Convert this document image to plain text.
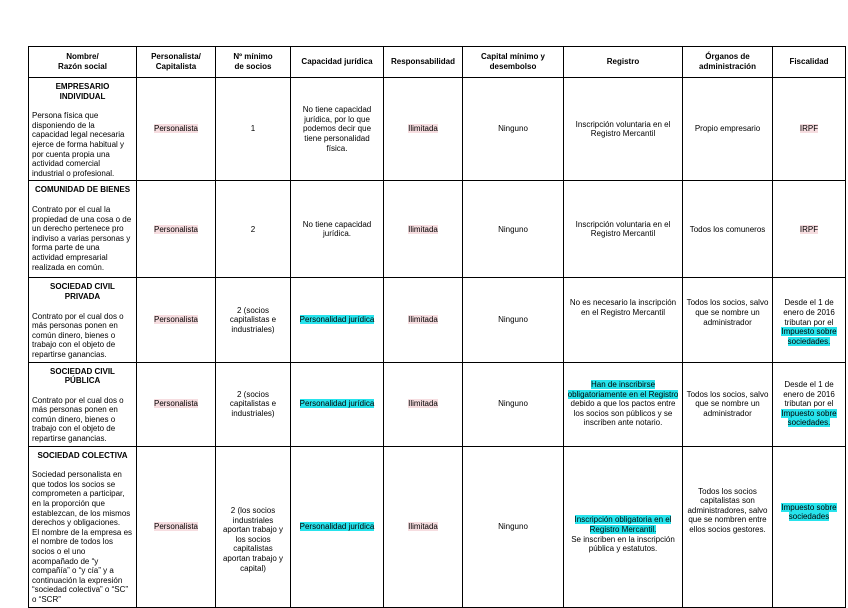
Nombre/
Razón social	Personalista/
Capitalista	Nº mínimo
de socios	Capacidad jurídica	Responsabilidad	Capital mínimo y
desembolso	Registro	Órganos de
administración	Fiscalidad

EMPRESARIO INDIVIDUAL
Persona física que disponiendo de la capacidad legal necesaria ejerce de forma habitual y por cuenta propia una actividad comercial industrial o profesional.	Personalista	1	No tiene capacidad jurídica, por lo que podemos decir que tiene personalidad física.	Ilimitada	Ninguno	Inscripción voluntaria en el Registro Mercantil	Propio empresario	IRPF

COMUNIDAD DE BIENES
Contrato por el cual la propiedad de una cosa o de un derecho pertenece pro indiviso a varias personas y forma parte de una actividad empresarial realizada en común.	Personalista	2	No tiene capacidad jurídica.	Ilimitada	Ninguno	Inscripción voluntaria en el Registro Mercantil	Todos los comuneros	IRPF

SOCIEDAD CIVIL PRIVADA
Contrato por el cual dos o más personas ponen en común dinero, bienes o trabajo con el objeto de repartirse ganancias.	Personalista	2 (socios capitalistas e industriales)	Personalidad jurídica	Ilimitada	Ninguno	No es necesario la inscripción en el Registro Mercantil	Todos los socios, salvo que se nombre un administrador	Desde el 1 de enero de 2016 tributan por el Impuesto sobre sociedades.

SOCIEDAD CIVIL PÚBLICA
Contrato por el cual dos o más personas ponen en común dinero, bienes o trabajo con el objeto de repartirse ganancias.	Personalista	2 (socios capitalistas e industriales)	Personalidad jurídica	Ilimitada	Ninguno	Han de inscribirse obligatoriamente en el Registro debido a que los pactos entre los socios son públicos y se inscriben ante notario.	Todos los socios, salvo que se nombre un administrador	Desde el 1 de enero de 2016 tributan por el Impuesto sobre sociedades.

SOCIEDAD COLECTIVA
Sociedad personalista en que todos los socios se comprometen a participar, en la proporción que establezcan, de los mismos derechos y obligaciones.
El nombre de la empresa es el nombre de todos los socios o el uno acompañado de “y compañía” o “y cía” y a continuación la expresión “sociedad colectiva” o “SC” o “SCR”	Personalista	2 (los socios industriales aportan trabajo y los socios capitalistas aportan trabajo y capital)	Personalidad jurídica	Ilimitada	Ninguno	Inscripción obligatoria en el Registro Mercantil.
Se inscriben en la inscripción pública y estatutos.	Todos los socios capitalistas son administradores, salvo que se nombren entre ellos socios gestores.	Impuesto sobre sociedades
